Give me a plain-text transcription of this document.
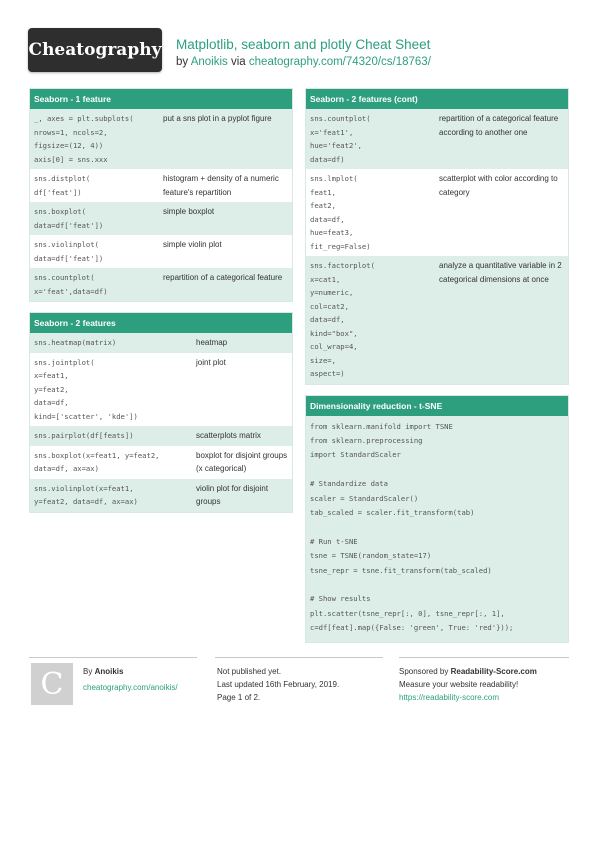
Cheatography Matplotlib, seaborn and plotly Cheat Sheet
by Anoikis via cheatography.com/74320/cs/18763/
Seaborn - 1 feature
_, axes = plt.subplots(
nrows=1, ncols=2,
figsize=(12, 4))
axis[0] = sns.xxx
put a sns plot in a pyplot figure
sns.distplot(
df['feat'])
histogram + density of a numeric feature's repartition
sns.boxplot(
data=df['feat'])
simple boxplot
sns.violinplot(
data=df['feat'])
simple violin plot
sns.countplot(
x='feat',data=df)
repartition of a categorical feature
Seaborn - 2 features
sns.heatmap(matrix)	heatmap
sns.jointplot(
x=feat1,
y=feat2,
data=df,
kind=['scatter', 'kde'])
joint plot
sns.pairplot(df[feats])	scatterplots matrix
sns.boxplot(x=feat1, y=feat2,
data=df, ax=ax)
boxplot for disjoint groups (x categorical)
sns.violinplot(x=feat1,
y=feat2, data=df, ax=ax)
violin plot for disjoint groups
Seaborn - 2 features (cont)
sns.countplot(
x='feat1',
hue='feat2',
data=df)
repartition of a categorical feature according to another one
sns.lmplot(
feat1,
feat2,
data=df,
hue=feat3,
fit_reg=False)
scatterplot with color according to category
sns.factorplot(
x=cat1,
y=numeric,
col=cat2,
data=df,
kind="box",
col_wrap=4,
size=,
aspect=)
analyze a quantitative variable in 2 categorical dimensions at once
Dimensionality reduction - t-SNE
from sklearn.manifold import TSNE
from sklearn.preprocessing
import StandardScaler
# Standardize data
scaler = StandardScaler()
tab_scaled = scaler.fit_transform(tab)
# Run t-SNE
tsne = TSNE(random_state=17)
tsne_repr = tsne.fit_transform(tab_scaled)
# Show results
plt.scatter(tsne_repr[:, 0], tsne_repr[:, 1],
c=df[feat].map({False: 'green', True: 'red'}));
C By Anoikis
cheatography.com/anoikis/
Not published yet.
Last updated 16th February, 2019.
Page 1 of 2.
Sponsored by Readability-Score.com
Measure your website readability!
https://readability-score.com
